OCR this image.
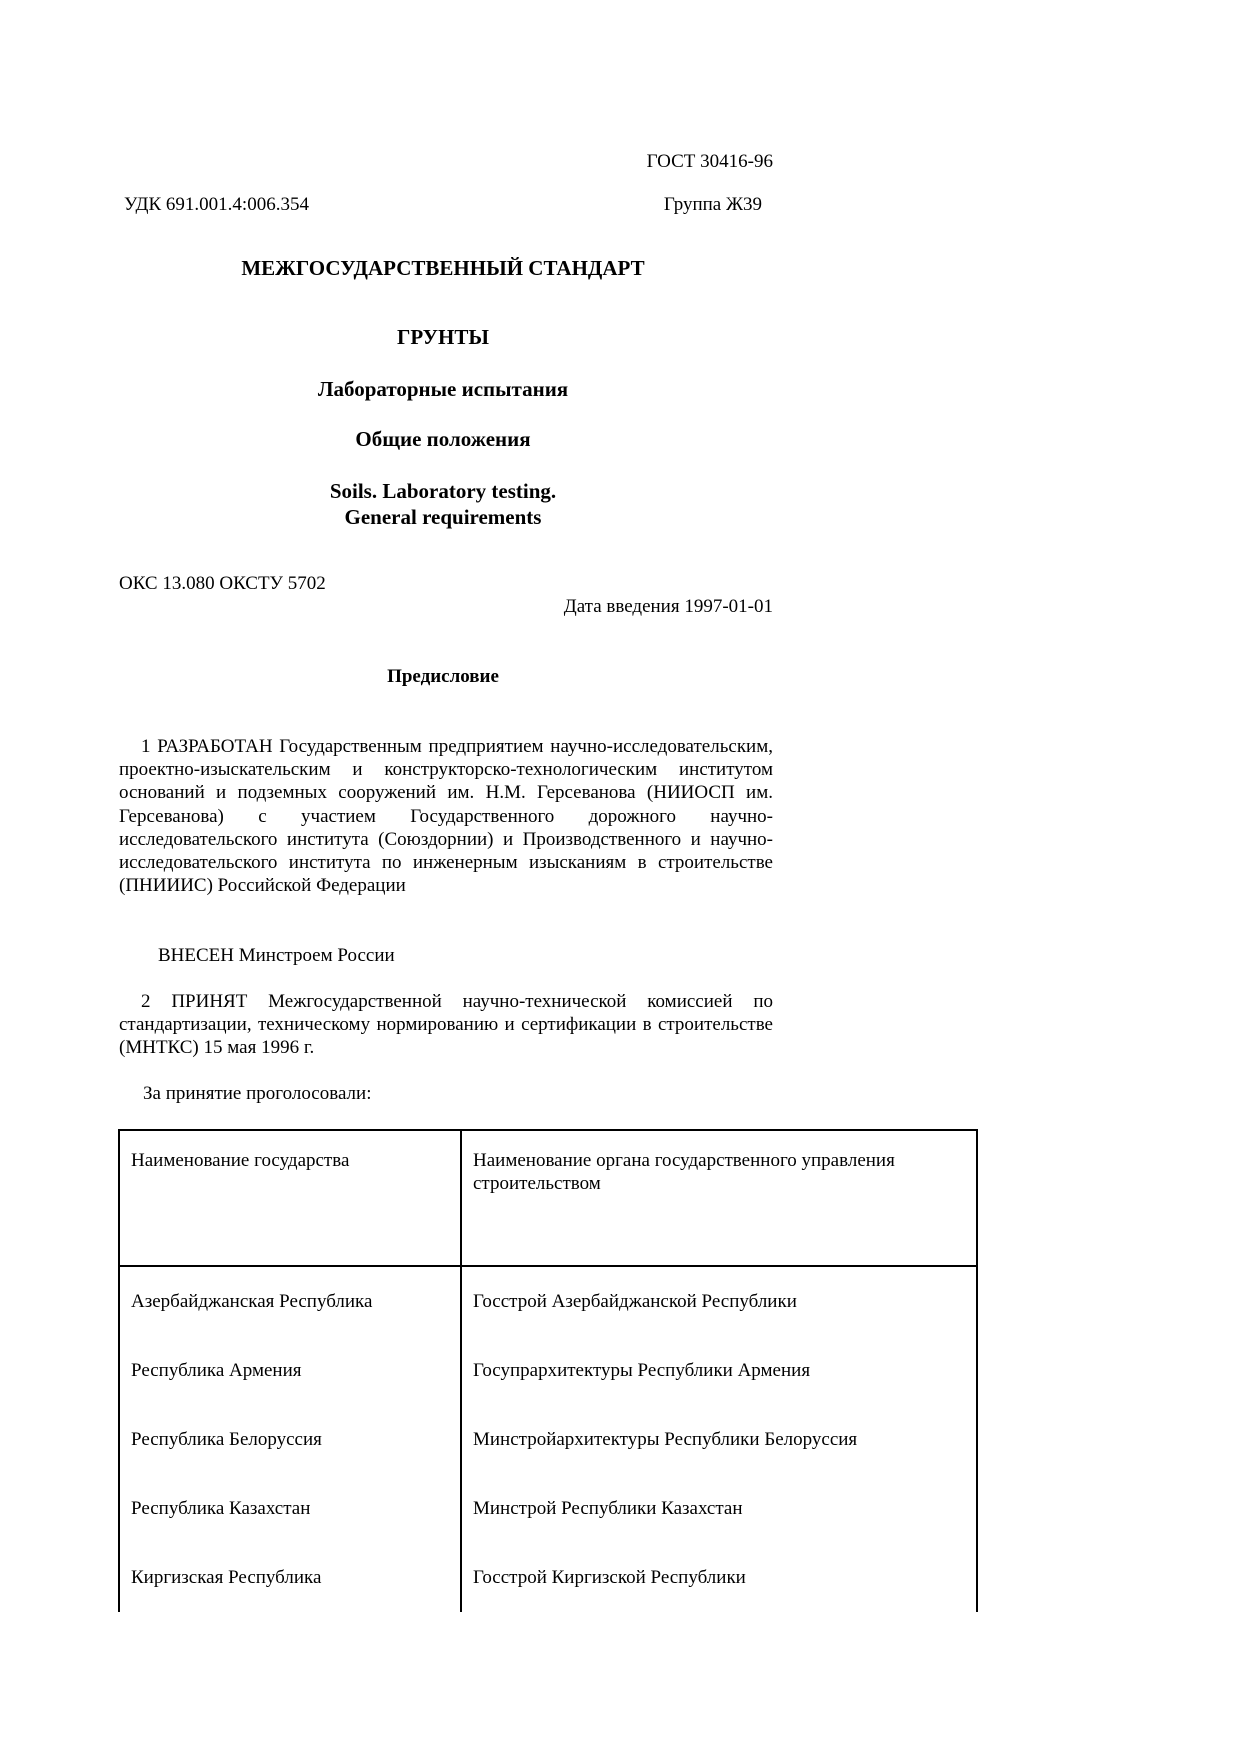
ГОСТ 30416-96
УДК 691.001.4:006.354	Группа Ж39
МЕЖГОСУДАРСТВЕННЫЙ СТАНДАРТ
ГРУНТЫ
Лабораторные испытания
Общие положения
Soils. Laboratory testing.
General requirements
ОКС 13.080 ОКСТУ 5702
Дата введения 1997-01-01
Предисловие
1 РАЗРАБОТАН Государственным предприятием научно-исследовательским, проектно-изыскательским и конструкторско-технологическим институтом оснований и подземных сооружений им. Н.М. Герсеванова (НИИОСП им. Герсеванова) с участием Государственного дорожного научно-исследовательского института (Союздорнии) и Производственного и научно-исследовательского института по инженерным изысканиям в строительстве (ПНИИИС) Российской Федерации
ВНЕСЕН Минстроем России
2 ПРИНЯТ Межгосударственной научно-технической комиссией по стандартизации, техническому нормированию и сертификации в строительстве (МНТКС) 15 мая 1996 г.
За принятие проголосовали:
Наименование государства	Наименование органа государственного управления строительством
Азербайджанская Республика	Госстрой Азербайджанской Республики
Республика Армения	Госупрархитектуры Республики Армения
Республика Белоруссия	Минстройархитектуры Республики Белоруссия
Республика Казахстан	Минстрой Республики Казахстан
Киргизская Республика	Госстрой Киргизской Республики
